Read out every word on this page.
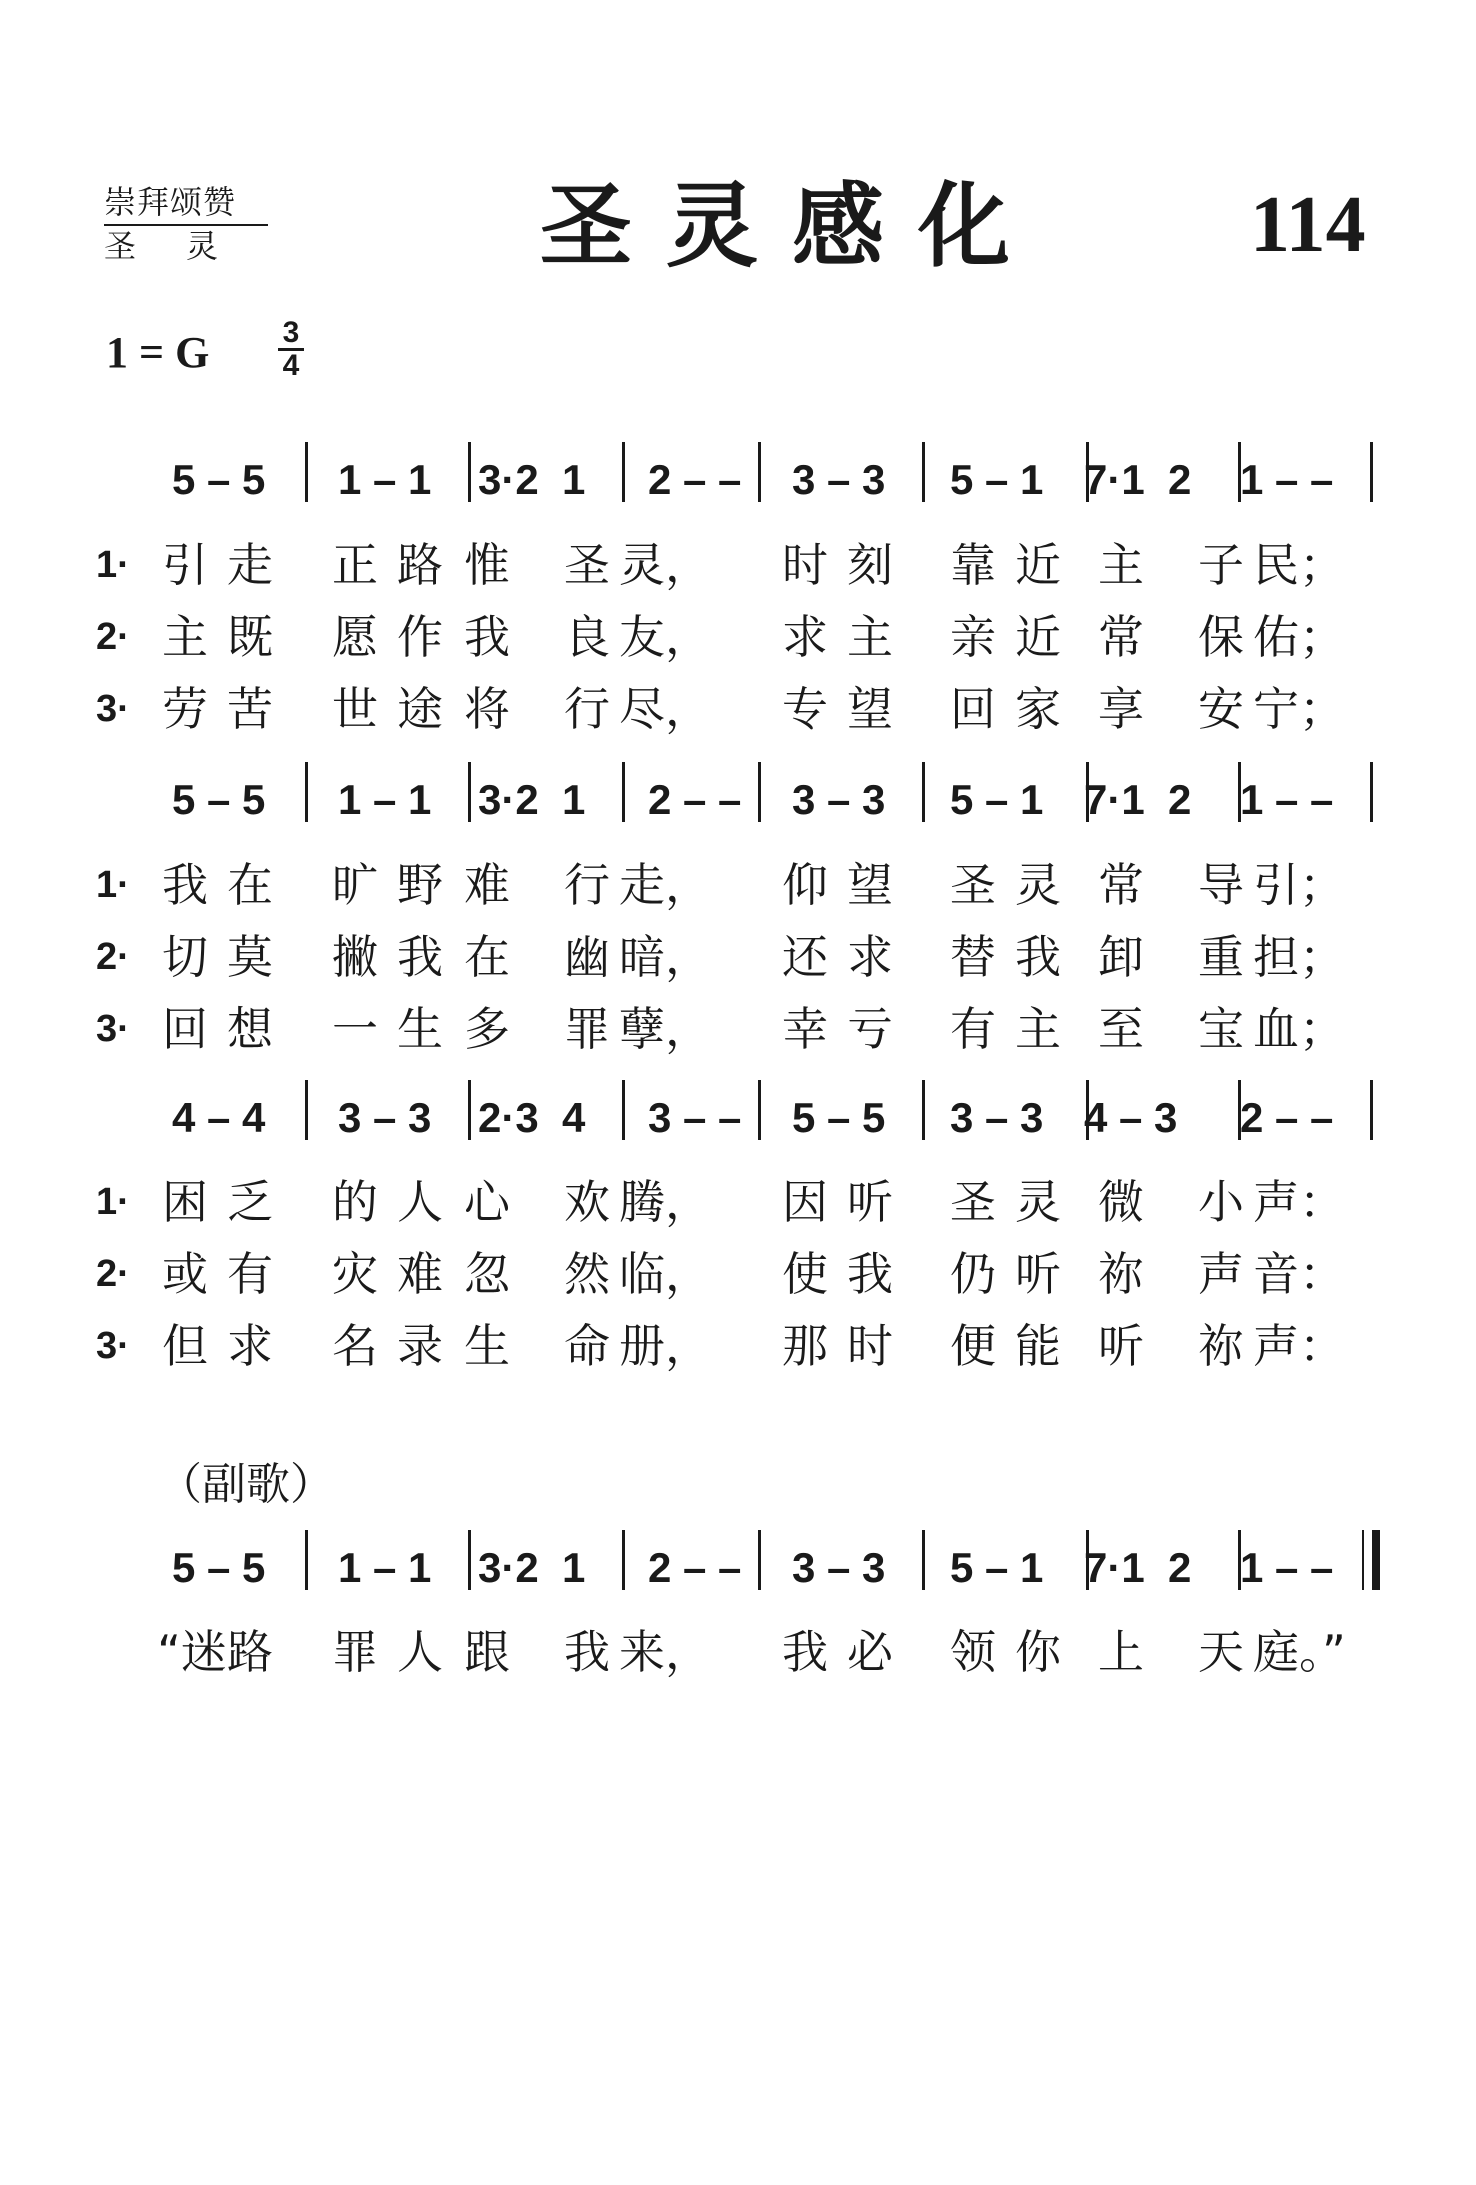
崇拜颂赞
圣灵	圣灵感化	114
1 = G 3
4
（副歌）
5 – 5 1 – 1 3·2  1 2 – – 3 – 3 5 – 1 7·1  2 1 – –
1· 引 走 正 路 惟 圣 灵， 时 刻 靠 近 主 子 民；
2· 主 既 愿 作 我 良 友， 求 主 亲 近 常 保 佑；
3· 劳 苦 世 途 将 行 尽， 专 望 回 家 享 安 宁；
5 – 5 1 – 1 3·2  1 2 – – 3 – 3 5 – 1 7·1  2 1 – –
1· 我 在 旷 野 难 行 走， 仰 望 圣 灵 常 导 引；
2· 切 莫 撇 我 在 幽 暗， 还 求 替 我 卸 重 担；
3· 回 想 一 生 多 罪 孽， 幸 亏 有 主 至 宝 血；
4 – 4 3 – 3 2·3  4 3 – – 5 – 5 3 – 3 4 – 3 2 – –
1· 困 乏 的 人 心 欢 腾， 因 听 圣 灵 微 小 声：
2· 或 有 灾 难 忽 然 临， 使 我 仍 听 祢 声 音：
3· 但 求 名 录 生 命 册， 那 时 便 能 听 祢 声：
5 – 5 1 – 1 3·2  1 2 – – 3 – 3 5 – 1 7·1  2 1 – –
“迷 路 罪 人 跟 我 来， 我 必 领 你 上 天 庭。”
